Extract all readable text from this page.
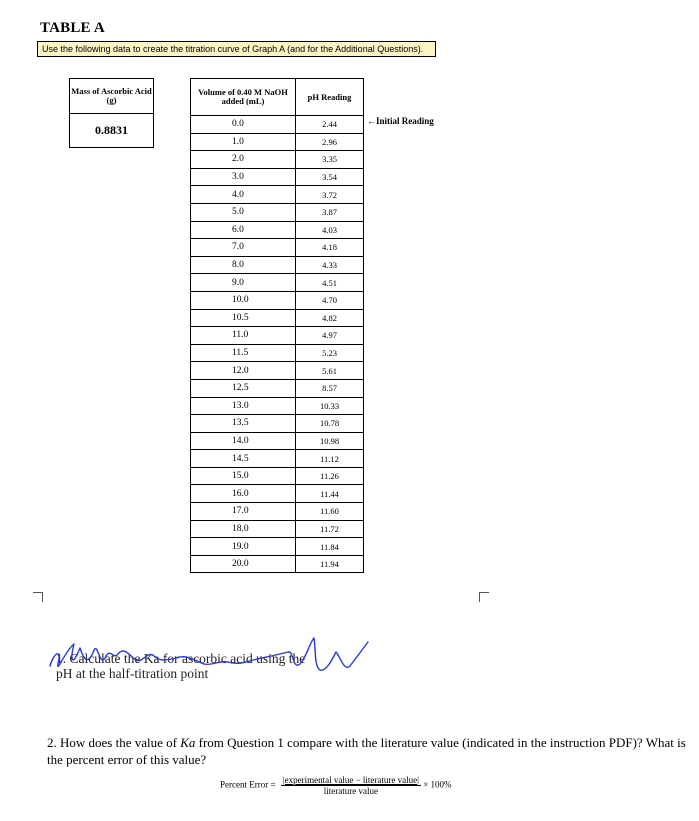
TABLE A
Use the following data to create the titration curve of Graph A (and for the Additional Questions).
Mass of Ascorbic Acid (g)
0.8831
Volume of 0.40 M NaOH added (mL)	pH Reading
0.0	2.44
1.0	2.96
2.0	3.35
3.0	3.54
4.0	3.72
5.0	3.87
6.0	4.03
7.0	4.18
8.0	4.33
9.0	4.51
10.0	4.70
10.5	4.82
11.0	4.97
11.5	5.23
12.0	5.61
12.5	8.57
13.0	10.33
13.5	10.78
14.0	10.98
14.5	11.12
15.0	11.26
16.0	11.44
17.0	11.60
18.0	11.72
19.0	11.84
20.0	11.94
←Initial Reading
1. Calculate the Ka for ascorbic acid using the
pH at the half-titration point
2. How does the value of Ka from Question 1 compare with the literature value (indicated in the instruction PDF)? What is the percent error of this value?
Percent Error = $\frac{\text{|experimental value − literature value|}}{\text{literature value}} \times 100\%$
